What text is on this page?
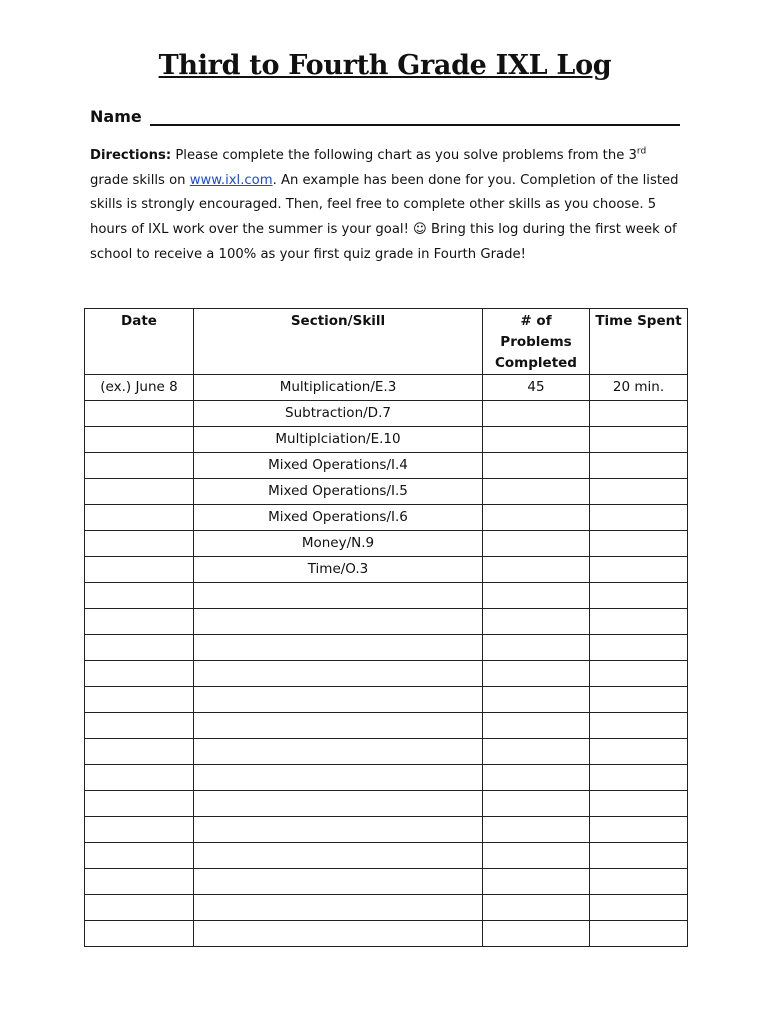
Third to Fourth Grade IXL Log
Name
Directions: Please complete the following chart as you solve problems from the 3rd grade skills on www.ixl.com. An example has been done for you. Completion of the listed skills is strongly encouraged. Then, feel free to complete other skills as you choose. 5 hours of IXL work over the summer is your goal! ☺ Bring this log during the first week of school to receive a 100% as your first quiz grade in Fourth Grade!
Date	Section/Skill	# of Problems Completed	Time Spent
(ex.) June 8	Multiplication/E.3	45	20 min.
	Subtraction/D.7		
	Multiplciation/E.10		
	Mixed Operations/I.4		
	Mixed Operations/I.5		
	Mixed Operations/I.6		
	Money/N.9		
	Time/O.3		
